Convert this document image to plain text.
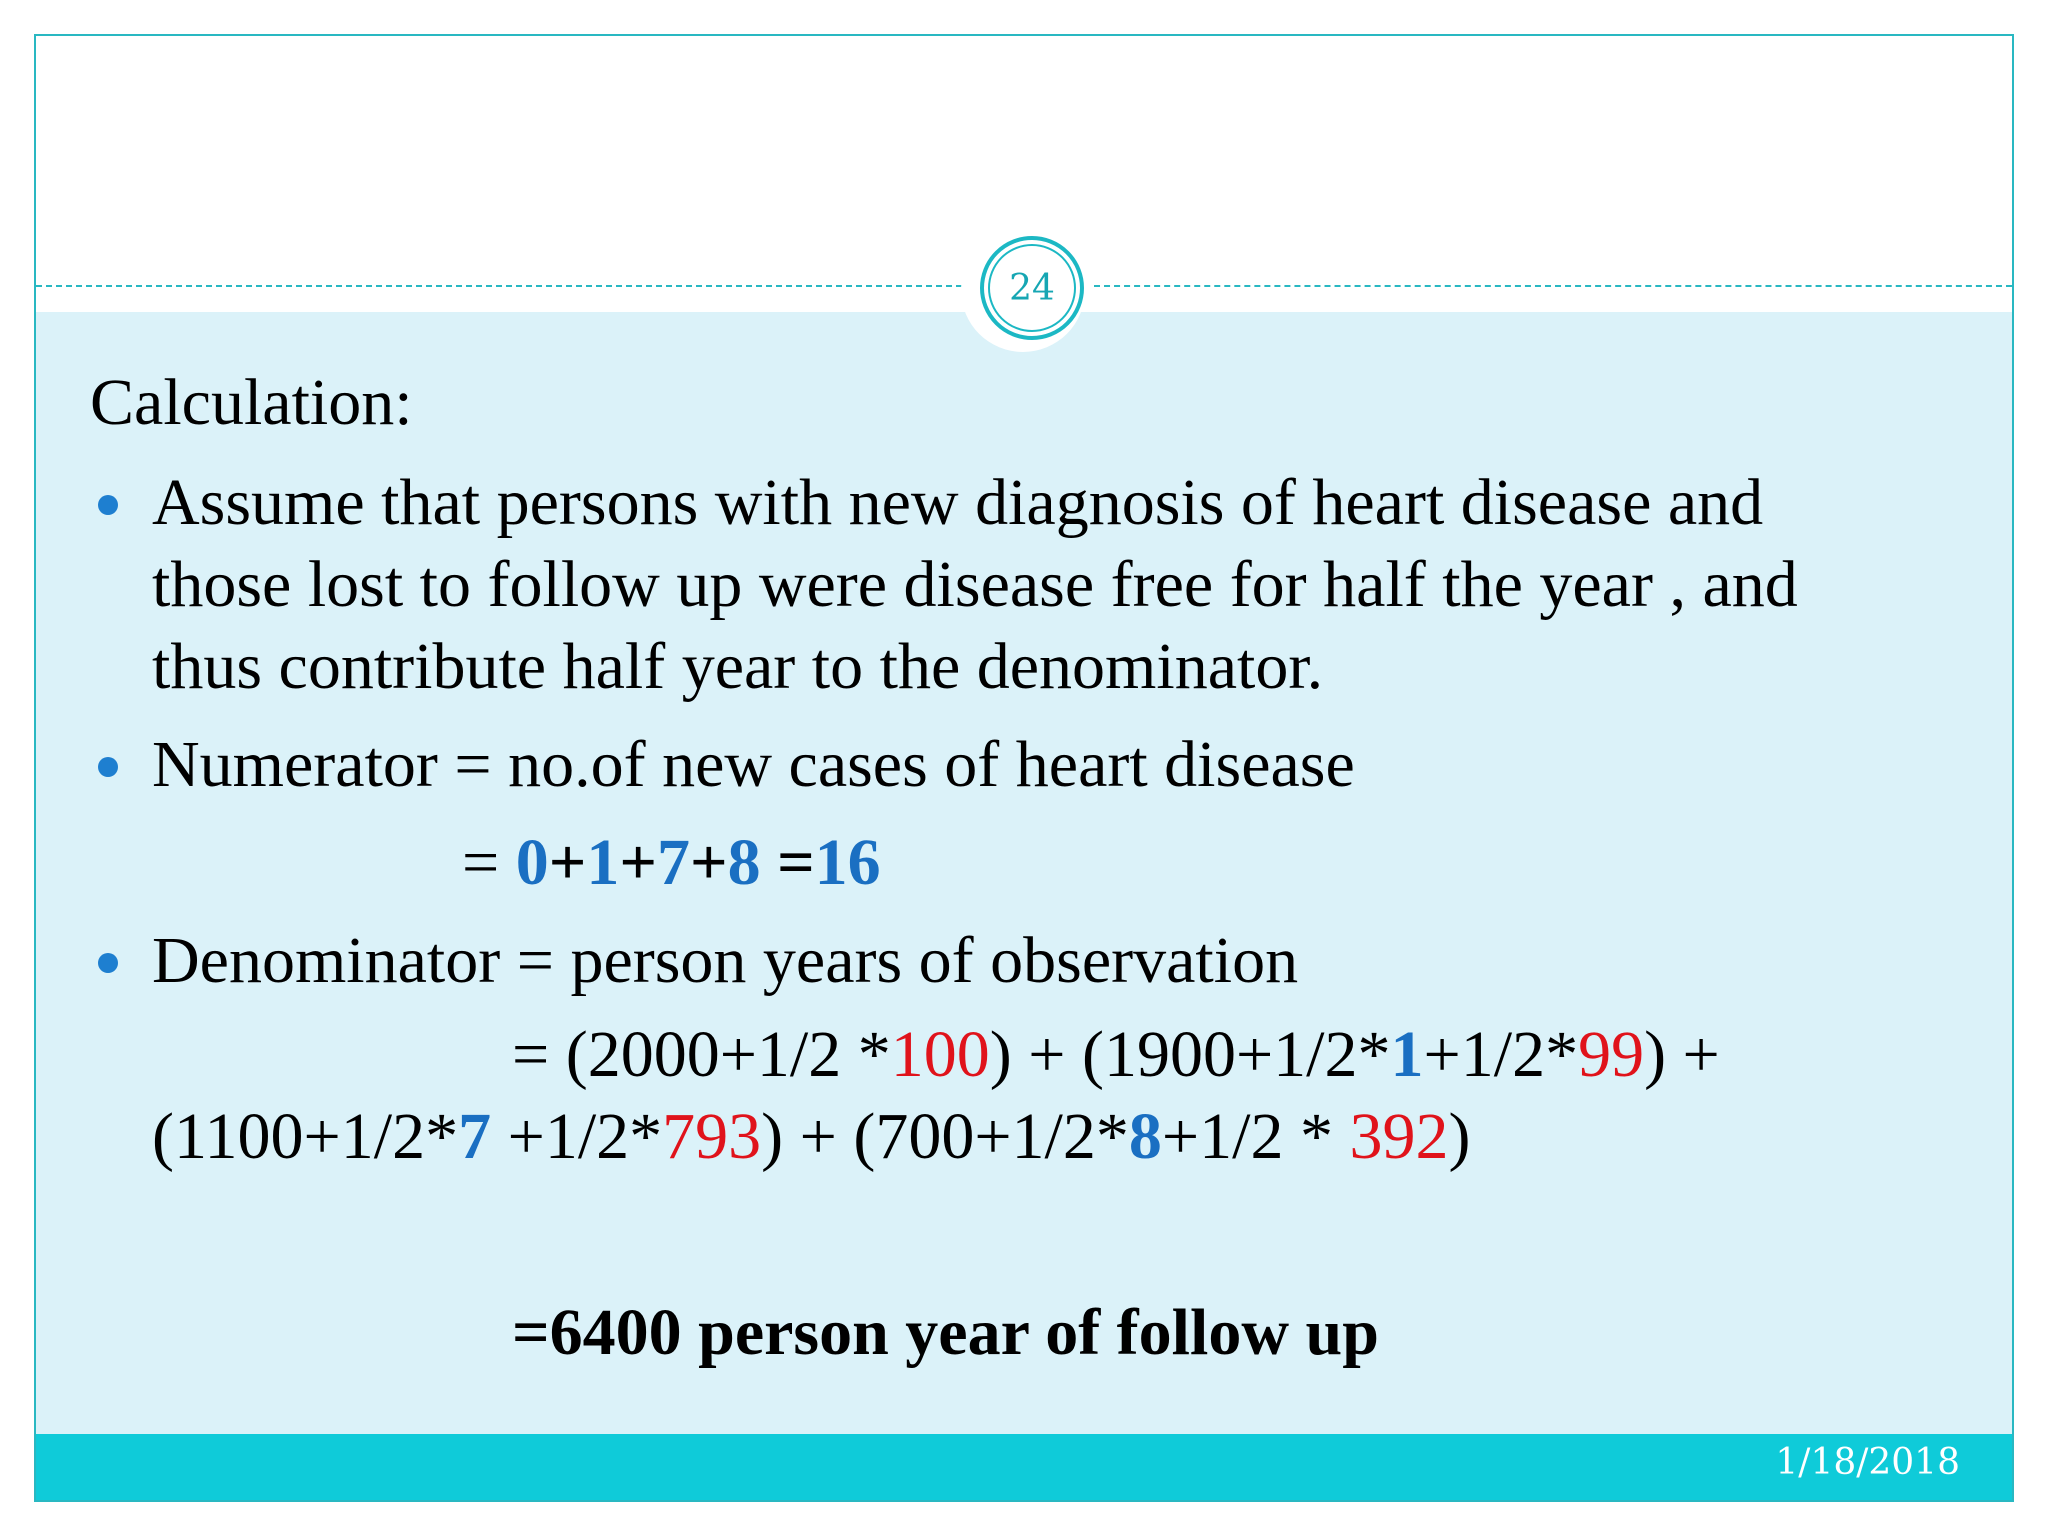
24
Calculation:
Assume that persons with new diagnosis of heart disease and
those lost to follow up were disease free for half the year , and
thus contribute half year to the denominator.
Numerator = no.of new cases of heart disease
= 0+1+7+8 =16
Denominator = person years of observation
= (2000+1/2 *100) + (1900+1/2*1+1/2*99) +
(1100+1/2*7 +1/2*793) + (700+1/2*8+1/2 * 392)
=6400 person year of follow up
1/18/2018
